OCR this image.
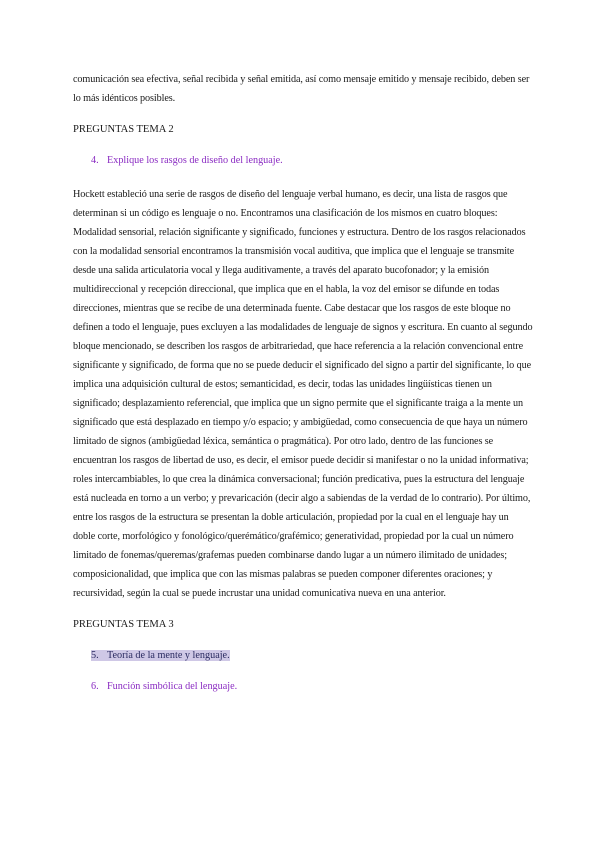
comunicación sea efectiva, señal recibida y señal emitida, así como mensaje emitido y mensaje recibido, deben ser lo más idénticos posibles.

PREGUNTAS TEMA 2

4. Explique los rasgos de diseño del lenguaje.

Hockett estableció una serie de rasgos de diseño del lenguaje verbal humano, es decir, una lista de rasgos que determinan si un código es lenguaje o no. Encontramos una clasificación de los mismos en cuatro bloques: Modalidad sensorial, relación significante y significado, funciones y estructura. Dentro de los rasgos relacionados con la modalidad sensorial encontramos la transmisión vocal auditiva, que implica que el lenguaje se transmite desde una salida articulatoria vocal y llega auditivamente, a través del aparato bucofonador; y la emisión multidireccional y recepción direccional, que implica que en el habla, la voz del emisor se difunde en todas direcciones, mientras que se recibe de una determinada fuente. Cabe destacar que los rasgos de este bloque no definen a todo el lenguaje, pues excluyen a las modalidades de lenguaje de signos y escritura. En cuanto al segundo bloque mencionado, se describen los rasgos de arbitrariedad, que hace referencia a la relación convencional entre significante y significado, de forma que no se puede deducir el significado del signo a partir del significante, lo que implica una adquisición cultural de estos; semanticidad, es decir, todas las unidades lingüísticas tienen un significado; desplazamiento referencial, que implica que un signo permite que el significante traiga a la mente un significado que está desplazado en tiempo y/o espacio; y ambigüedad, como consecuencia de que haya un número limitado de signos (ambigüedad léxica, semántica o pragmática). Por otro lado, dentro de las funciones se encuentran los rasgos de libertad de uso, es decir, el emisor puede decidir si manifestar o no la unidad informativa; roles intercambiables, lo que crea la dinámica conversacional; función predicativa, pues la estructura del lenguaje está nucleada en torno a un verbo; y prevaricación (decir algo a sabiendas de la verdad de lo contrario). Por último, entre los rasgos de la estructura se presentan la doble articulación, propiedad por la cual en el lenguaje hay un doble corte, morfológico y fonológico/querémático/grafémico; generatividad, propiedad por la cual un número limitado de fonemas/queremas/grafemas pueden combinarse dando lugar a un número ilimitado de unidades; composicionalidad, que implica que con las mismas palabras se pueden componer diferentes oraciones; y recursividad, según la cual se puede incrustar una unidad comunicativa nueva en una anterior.

PREGUNTAS TEMA 3

5. Teoría de la mente y lenguaje.

6. Función simbólica del lenguaje.
